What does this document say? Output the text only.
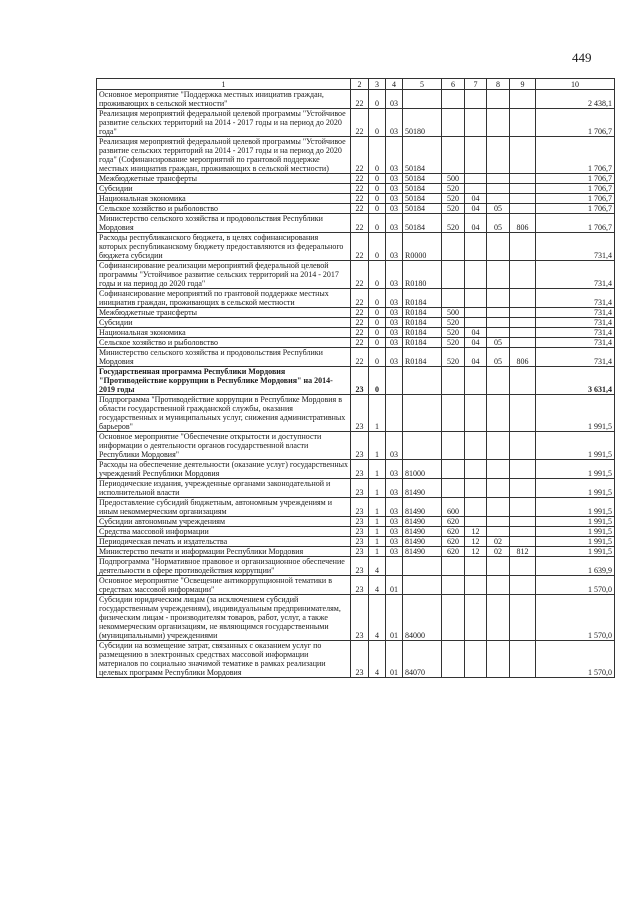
449
1	2	3	4	5	6	7	8	9	10
Основное мероприятие "Поддержка местных инициатив граждан, проживающих в сельской местности"	22	0	03						2 438,1
Реализация мероприятий федеральной целевой программы "Устойчивое развитие сельских территорий на 2014 - 2017 годы и на период до 2020 года"	22	0	03	50180					1 706,7
Реализация мероприятий федеральной целевой программы "Устойчивое развитие сельских территорий на 2014 - 2017 годы и на период до 2020 года" (Софинансирование мероприятий по грантовой поддержке местных инициатив граждан, проживающих в сельской местности)	22	0	03	50184					1 706,7
Межбюджетные трансферты	22	0	03	50184	500				1 706,7
Субсидии	22	0	03	50184	520				1 706,7
Национальная экономика	22	0	03	50184	520	04			1 706,7
Сельское хозяйство и рыболовство	22	0	03	50184	520	04	05		1 706,7
Министерство сельского хозяйства и продовольствия Республики Мордовия	22	0	03	50184	520	04	05	806	1 706,7
Расходы республиканского бюджета, в целях софинансирования которых республиканскому бюджету предоставляются из федерального бюджета субсидии	22	0	03	R0000					731,4
Софинансирование реализации мероприятий федеральной целевой программы "Устойчивое развитие сельских территорий на 2014 - 2017 годы и на период до 2020 года"	22	0	03	R0180					731,4
Софинансирование мероприятий по грантовой поддержке местных инициатив граждан, проживающих в сельской местности	22	0	03	R0184					731,4
Межбюджетные трансферты	22	0	03	R0184	500				731,4
Субсидии	22	0	03	R0184	520				731,4
Национальная экономика	22	0	03	R0184	520	04			731,4
Сельское хозяйство и рыболовство	22	0	03	R0184	520	04	05		731,4
Министерство сельского хозяйства и продовольствия Республики Мордовия	22	0	03	R0184	520	04	05	806	731,4
Государственная программа Республики Мордовия "Противодействие коррупции в Республике Мордовия" на 2014-2019 годы	23	0							3 631,4
Подпрограмма "Противодействие коррупции в Республике Мордовия в области государственной гражданской службы, оказания государственных и муниципальных услуг, снижения административных барьеров"	23	1							1 991,5
Основное мероприятие "Обеспечение открытости и доступности информации о деятельности органов государственной власти Республики Мордовия"	23	1	03						1 991,5
Расходы на обеспечение деятельности (оказание услуг) государственных учреждений Республики Мордовия	23	1	03	81000					1 991,5
Периодические издания, учрежденные органами законодательной и исполнительной власти	23	1	03	81490					1 991,5
Предоставление субсидий бюджетным, автономным учреждениям и иным некоммерческим организациям	23	1	03	81490	600				1 991,5
Субсидии автономным учреждениям	23	1	03	81490	620				1 991,5
Средства массовой информации	23	1	03	81490	620	12			1 991,5
Периодическая печать и издательства	23	1	03	81490	620	12	02		1 991,5
Министерство печати и информации Республики Мордовия	23	1	03	81490	620	12	02	812	1 991,5
Подпрограмма "Нормативное правовое и организационное обеспечение деятельности в сфере противодействия коррупции"	23	4							1 639,9
Основное мероприятие "Освещение антикоррупционной тематики в средствах массовой информации"	23	4	01						1 570,0
Субсидии юридическим лицам (за исключением субсидий государственным учреждениям), индивидуальным предпринимателям, физическим лицам - производителям товаров, работ, услуг, а также некоммерческим организациям, не являющимся государственными (муниципальными) учреждениями	23	4	01	84000					1 570,0
Субсидии на возмещение затрат, связанных с оказанием услуг по размещению в электронных средствах массовой информации материалов по социально значимой тематике в рамках реализации целевых программ Республики Мордовия	23	4	01	84070					1 570,0
